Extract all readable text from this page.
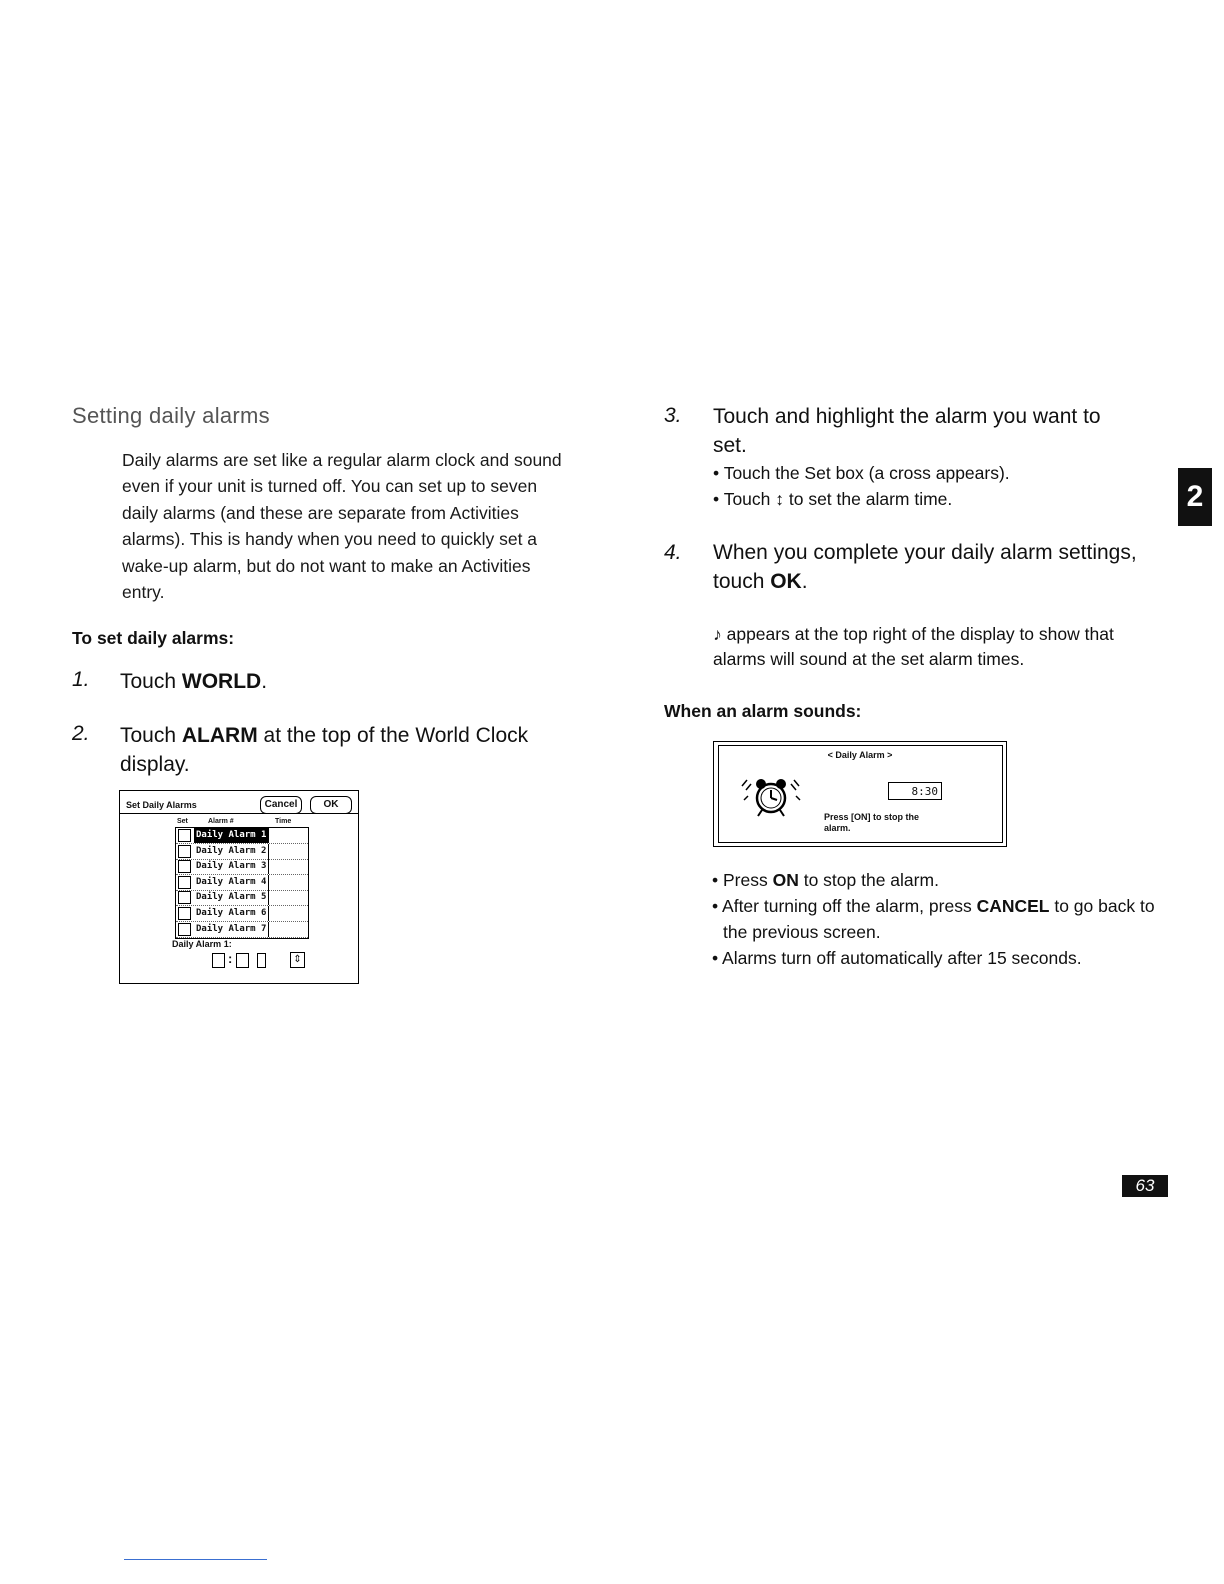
Setting daily alarms
Daily alarms are set like a regular alarm clock and sound even if your unit is turned off. You can set up to seven daily alarms (and these are separate from Activities alarms). This is handy when you need to quickly set a wake-up alarm, but do not want to make an Activities entry.
To set daily alarms:
1. Touch WORLD.
2. Touch ALARM at the top of the World Clock display.
Set Daily Alarms	Cancel	OK
Set	Alarm #	Time
Daily Alarm 1
Daily Alarm 2
Daily Alarm 3
Daily Alarm 4
Daily Alarm 5
Daily Alarm 6
Daily Alarm 7
Daily Alarm 1:
:	⇕
3. Touch and highlight the alarm you want to set.
• Touch the Set box (a cross appears).
• Touch ↕ to set the alarm time.
4. When you complete your daily alarm settings, touch OK.
♪ appears at the top right of the display to show that alarms will sound at the set alarm times.
When an alarm sounds:
< Daily Alarm >
8:30
Press [ON] to stop the alarm.
• Press ON to stop the alarm.
• After turning off the alarm, press CANCEL to go back to the previous screen.
• Alarms turn off automatically after 15 seconds.
2
63
